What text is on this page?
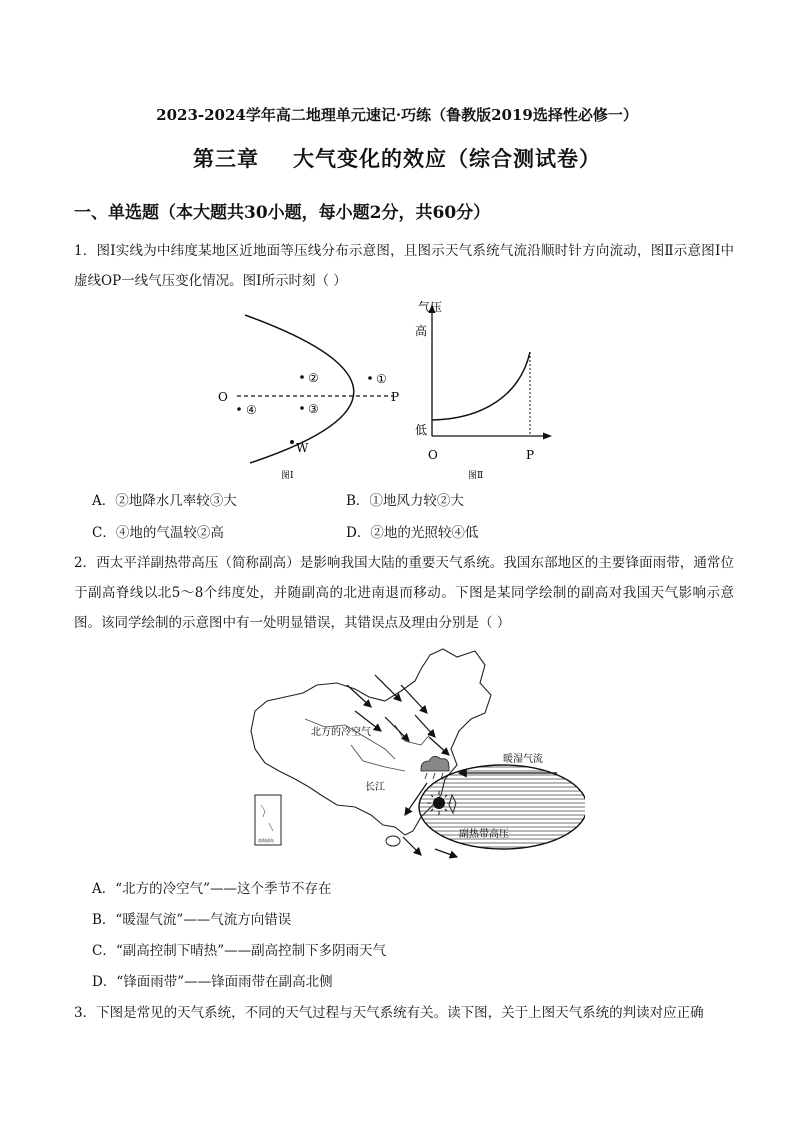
2023-2024学年高二地理单元速记·巧练（鲁教版2019选择性必修一）
第三章 大气变化的效应（综合测试卷）
一、单选题（本大题共30小题，每小题2分，共60分）
1．图Ⅰ实线为中纬度某地区近地面等压线分布示意图，且图示天气系统气流沿顺时针方向流动，图Ⅱ示意图Ⅰ中虚线OP一线气压变化情况。图Ⅰ所示时刻（ ）
O	P
W
②	①
④	③
图Ⅰ
气压
高
低
O	P
图Ⅱ
A．②地降水几率较③大	B．①地风力较②大
C．④地的气温较②高	D．②地的光照较④低
2．西太平洋副热带高压（简称副高）是影响我国大陆的重要天气系统。我国东部地区的主要锋面雨带，通常位于副高脊线以北5～8个纬度处，并随副高的北进南退而移动。下图是某同学绘制的副高对我国天气影响示意图。该同学绘制的示意图中有一处明显错误，其错误点及理由分别是（ ）
南海诸岛
北方的冷空气
暖湿气流
长江
副热带高压
A．“北方的冷空气”——这个季节不存在
B．“暖湿气流”——气流方向错误
C．“副高控制下晴热”——副高控制下多阴雨天气
D．“锋面雨带”——锋面雨带在副高北侧
3．下图是常见的天气系统，不同的天气过程与天气系统有关。读下图，关于上图天气系统的判读对应正确
